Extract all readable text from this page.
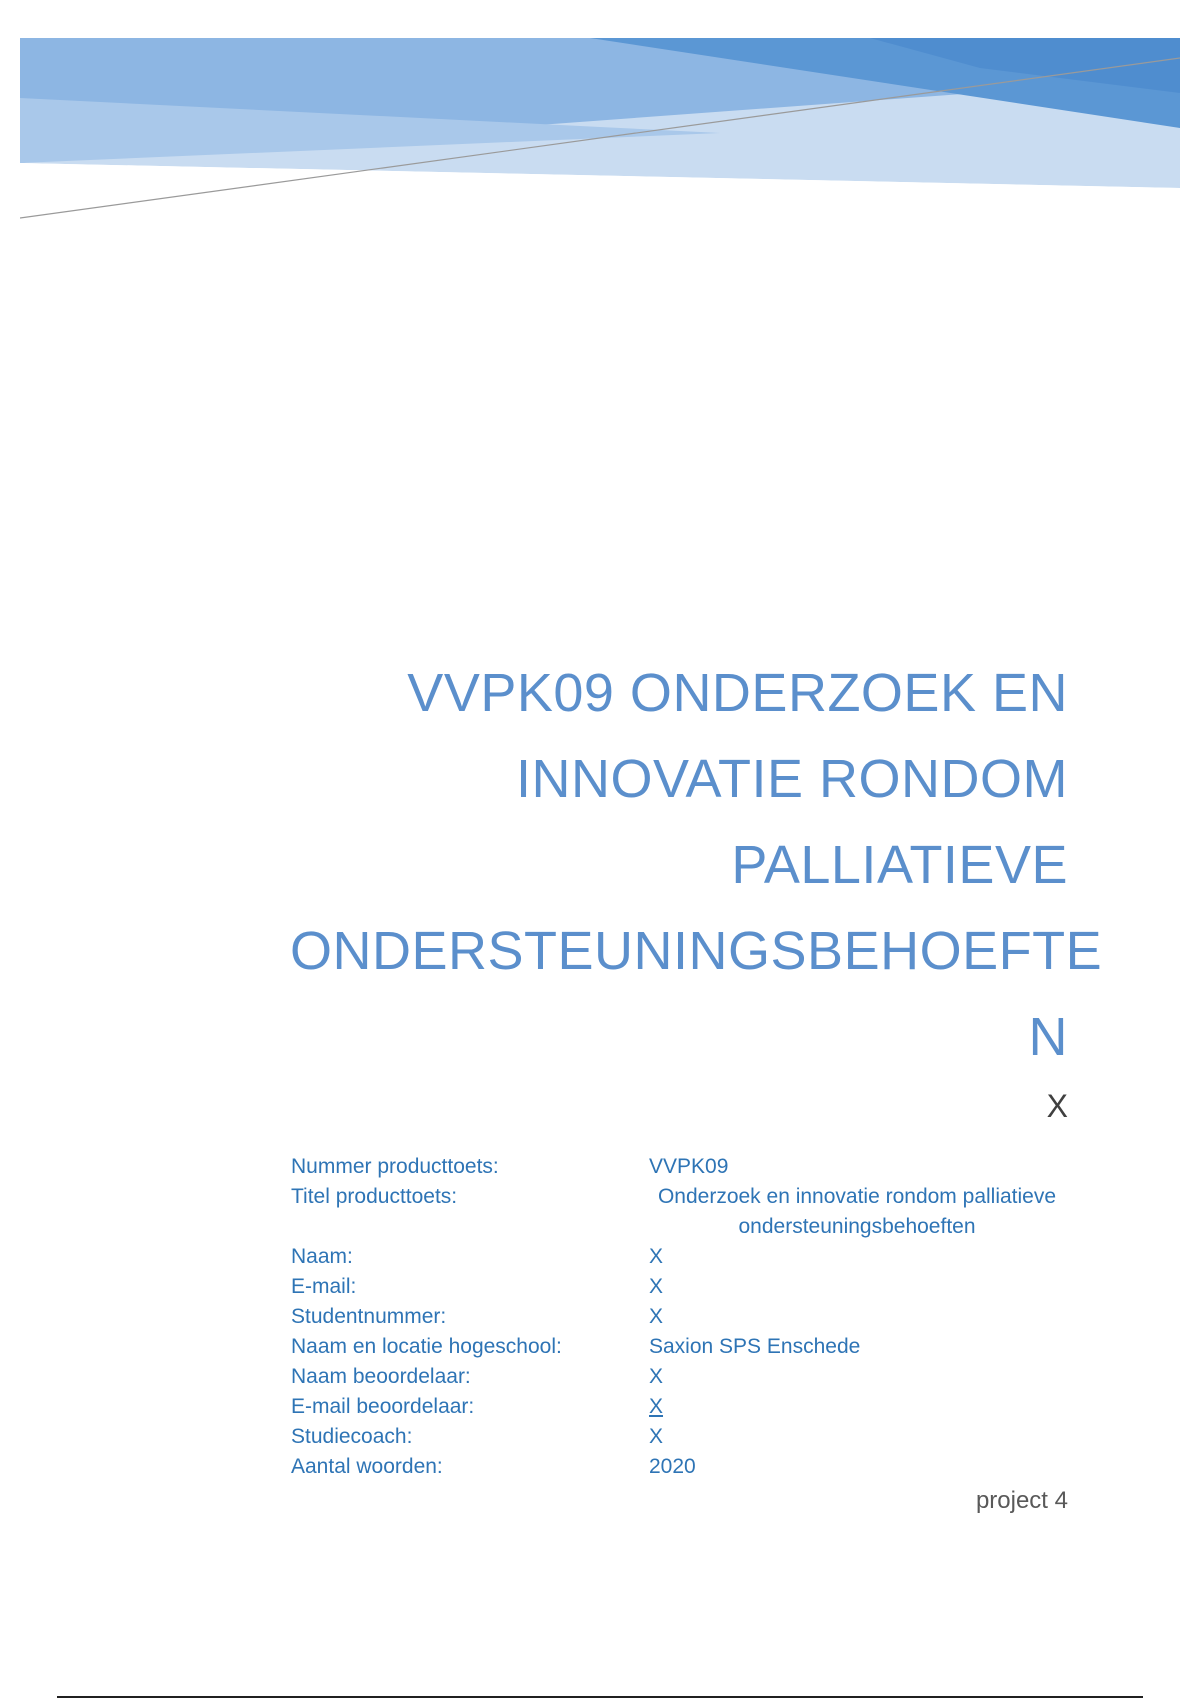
VVPK09 ONDERZOEK EN
INNOVATIE RONDOM
PALLIATIEVE
ONDERSTEUNINGSBEHOEFTE
N
X
Nummer producttoets:	VVPK09
Titel producttoets:	Onderzoek en innovatie rondom palliatieve ondersteuningsbehoeften
Naam:	X
E-mail:	X
Studentnummer:	X
Naam en locatie hogeschool:	Saxion SPS Enschede
Naam beoordelaar:	X
E-mail beoordelaar:	X
Studiecoach:	X
Aantal woorden:	2020
project 4
